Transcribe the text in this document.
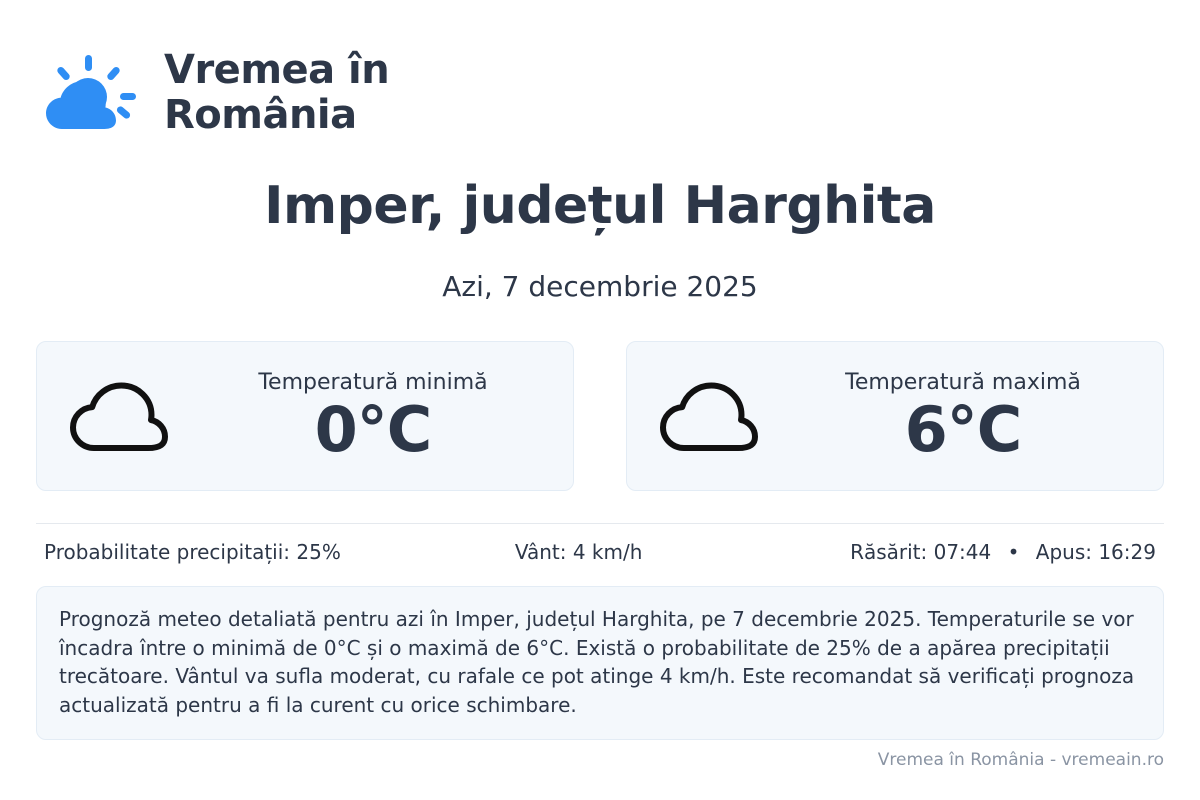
Vremea în
România
Imper, județul Harghita
Azi, 7 decembrie 2025
Temperatură minimă
0°C
Temperatură maximă
6°C
Probabilitate precipitații: 25%	Vânt: 4 km/h	Răsărit: 07:44 • Apus: 16:29
Prognoză meteo detaliată pentru azi în Imper, județul Harghita, pe 7 decembrie 2025. Temperaturile se vor încadra între o minimă de 0°C și o maximă de 6°C. Există o probabilitate de 25% de a apărea precipitații trecătoare. Vântul va sufla moderat, cu rafale ce pot atinge 4 km/h. Este recomandat să verificați prognoza actualizată pentru a fi la curent cu orice schimbare.
Vremea în România - vremeain.ro
